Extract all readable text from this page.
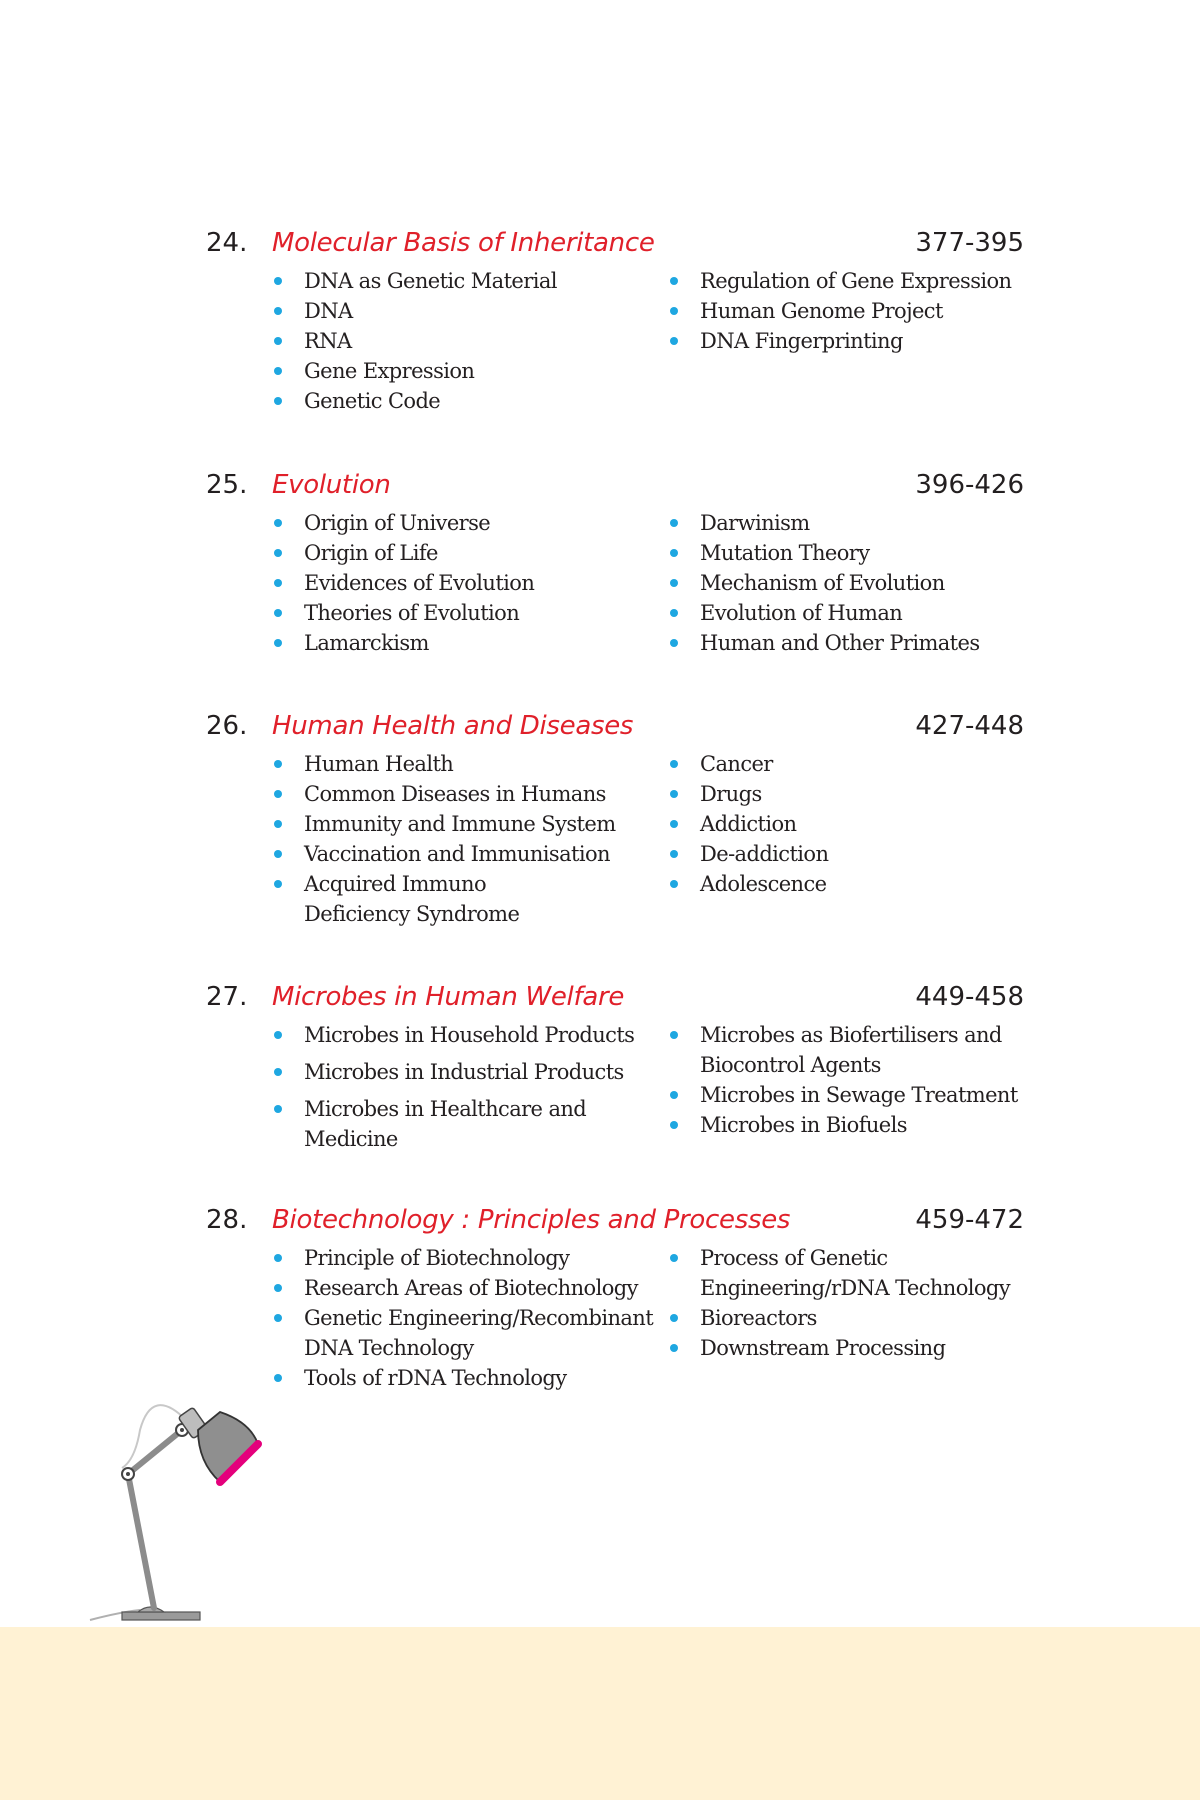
24. Molecular Basis of Inheritance	377-395
DNA as Genetic Material
DNA
RNA
Gene Expression
Genetic Code
Regulation of Gene Expression
Human Genome Project
DNA Fingerprinting
25. Evolution	396-426
Origin of Universe
Origin of Life
Evidences of Evolution
Theories of Evolution
Lamarckism
Darwinism
Mutation Theory
Mechanism of Evolution
Evolution of Human
Human and Other Primates
26. Human Health and Diseases	427-448
Human Health
Common Diseases in Humans
Immunity and Immune System
Vaccination and Immunisation
Acquired Immuno Deficiency Syndrome
Cancer
Drugs
Addiction
De-addiction
Adolescence
27. Microbes in Human Welfare	449-458
Microbes in Household Products
Microbes in Industrial Products
Microbes in Healthcare and Medicine
Microbes as Biofertilisers and Biocontrol Agents
Microbes in Sewage Treatment
Microbes in Biofuels
28. Biotechnology : Principles and Processes	459-472
Principle of Biotechnology
Research Areas of Biotechnology
Genetic Engineering/Recombinant DNA Technology
Tools of rDNA Technology
Process of Genetic Engineering/rDNA Technology
Bioreactors
Downstream Processing
